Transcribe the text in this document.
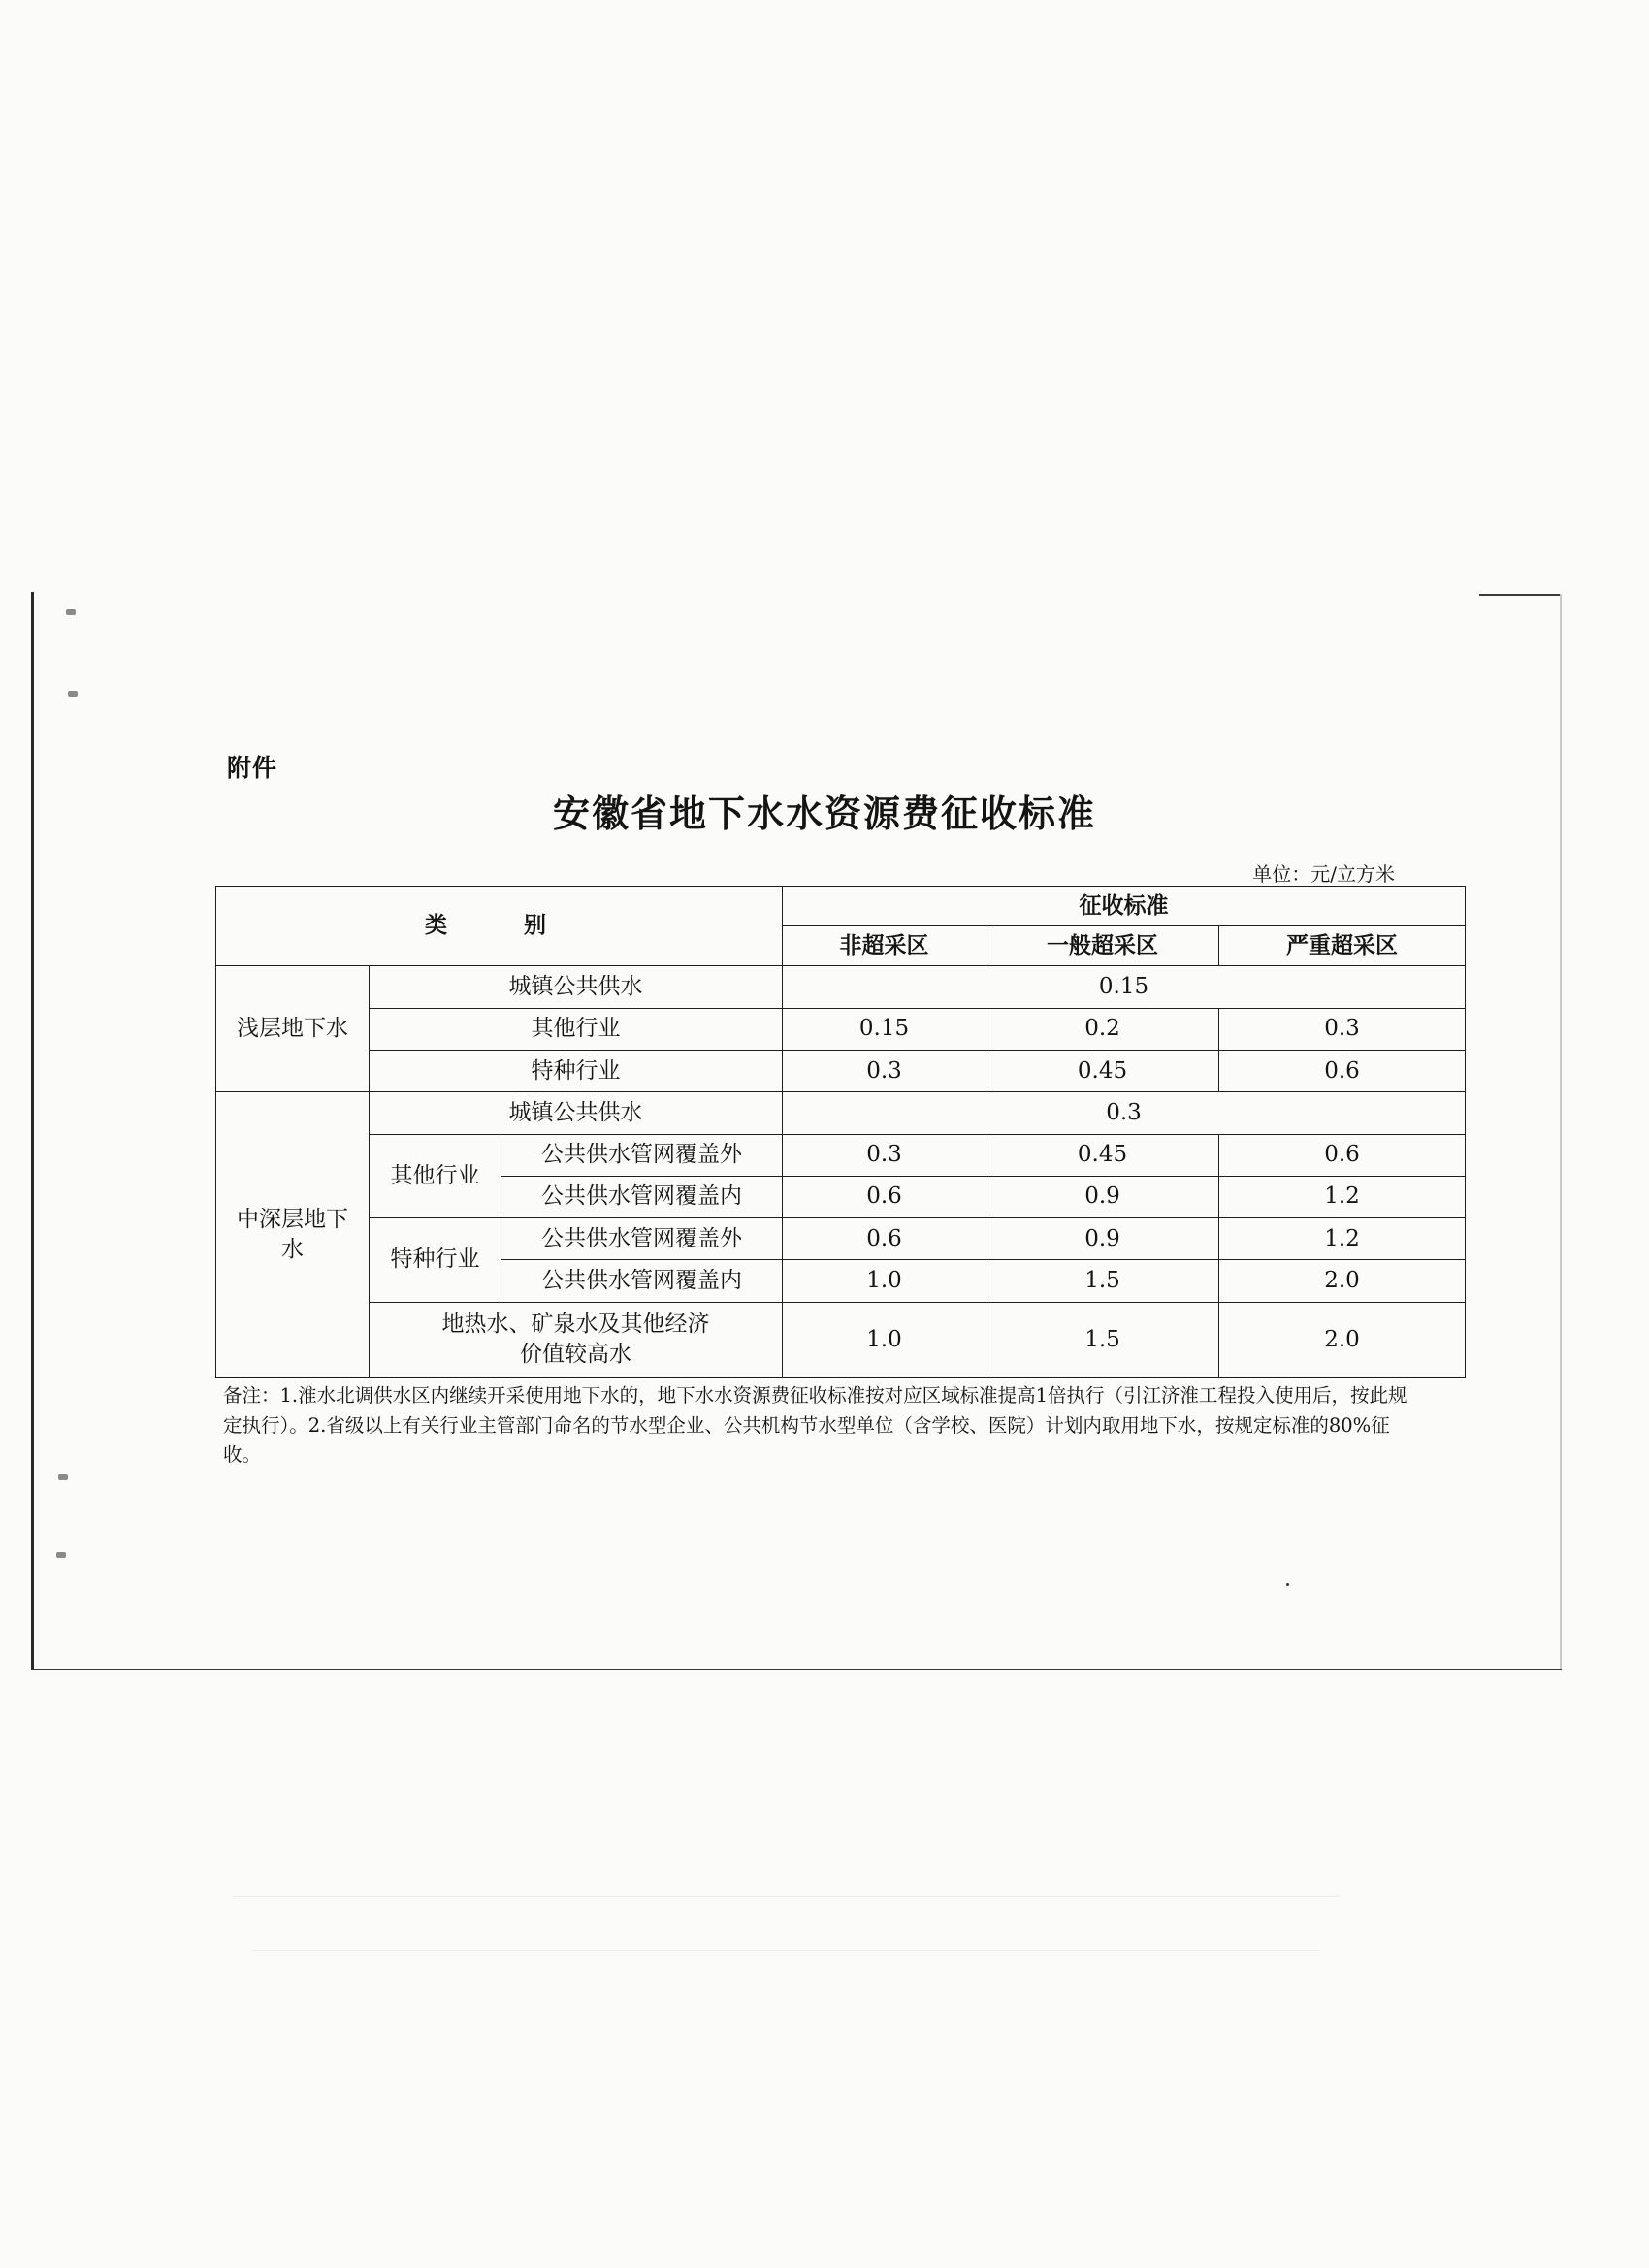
附件
安徽省地下水水资源费征收标准
单位：元/立方米
类　别			征收标准		
			非超采区	一般超采区	严重超采区
浅层地下水	城镇公共供水		0.15		
	其他行业		0.15	0.2	0.3
	特种行业		0.3	0.45	0.6
中深层地下水	城镇公共供水		0.3		
	其他行业	公共供水管网覆盖外	0.3	0.45	0.6
		公共供水管网覆盖内	0.6	0.9	1.2
	特种行业	公共供水管网覆盖外	0.6	0.9	1.2
		公共供水管网覆盖内	1.0	1.5	2.0
	地热水、矿泉水及其他经济价值较高水		1.0	1.5	2.0
备注：1.淮水北调供水区内继续开采使用地下水的，地下水水资源费征收标准按对应区域标准提高1倍执行（引江济淮工程投入使用后，按此规定执行）。2.省级以上有关行业主管部门命名的节水型企业、公共机构节水型单位（含学校、医院）计划内取用地下水，按规定标准的80%征收。
